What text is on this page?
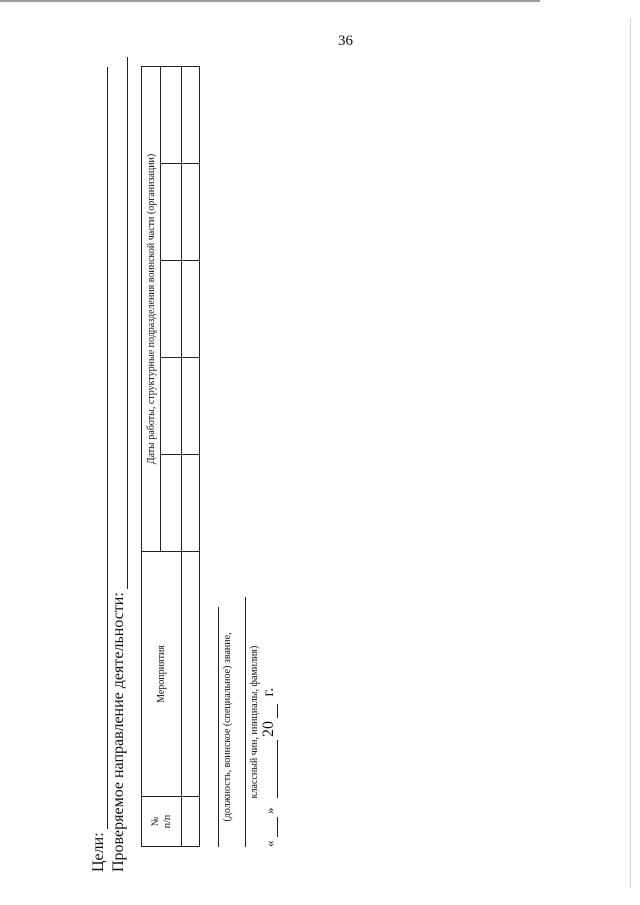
36
Цели: Проверяемое направление деятельности: № п/п	Мероприятия	Даты работы, структурные подразделения воинской части (организации)				

(должность, воинское (специальное) звание, классный чин, инициалы, фамилия)
«  »  20  г.
